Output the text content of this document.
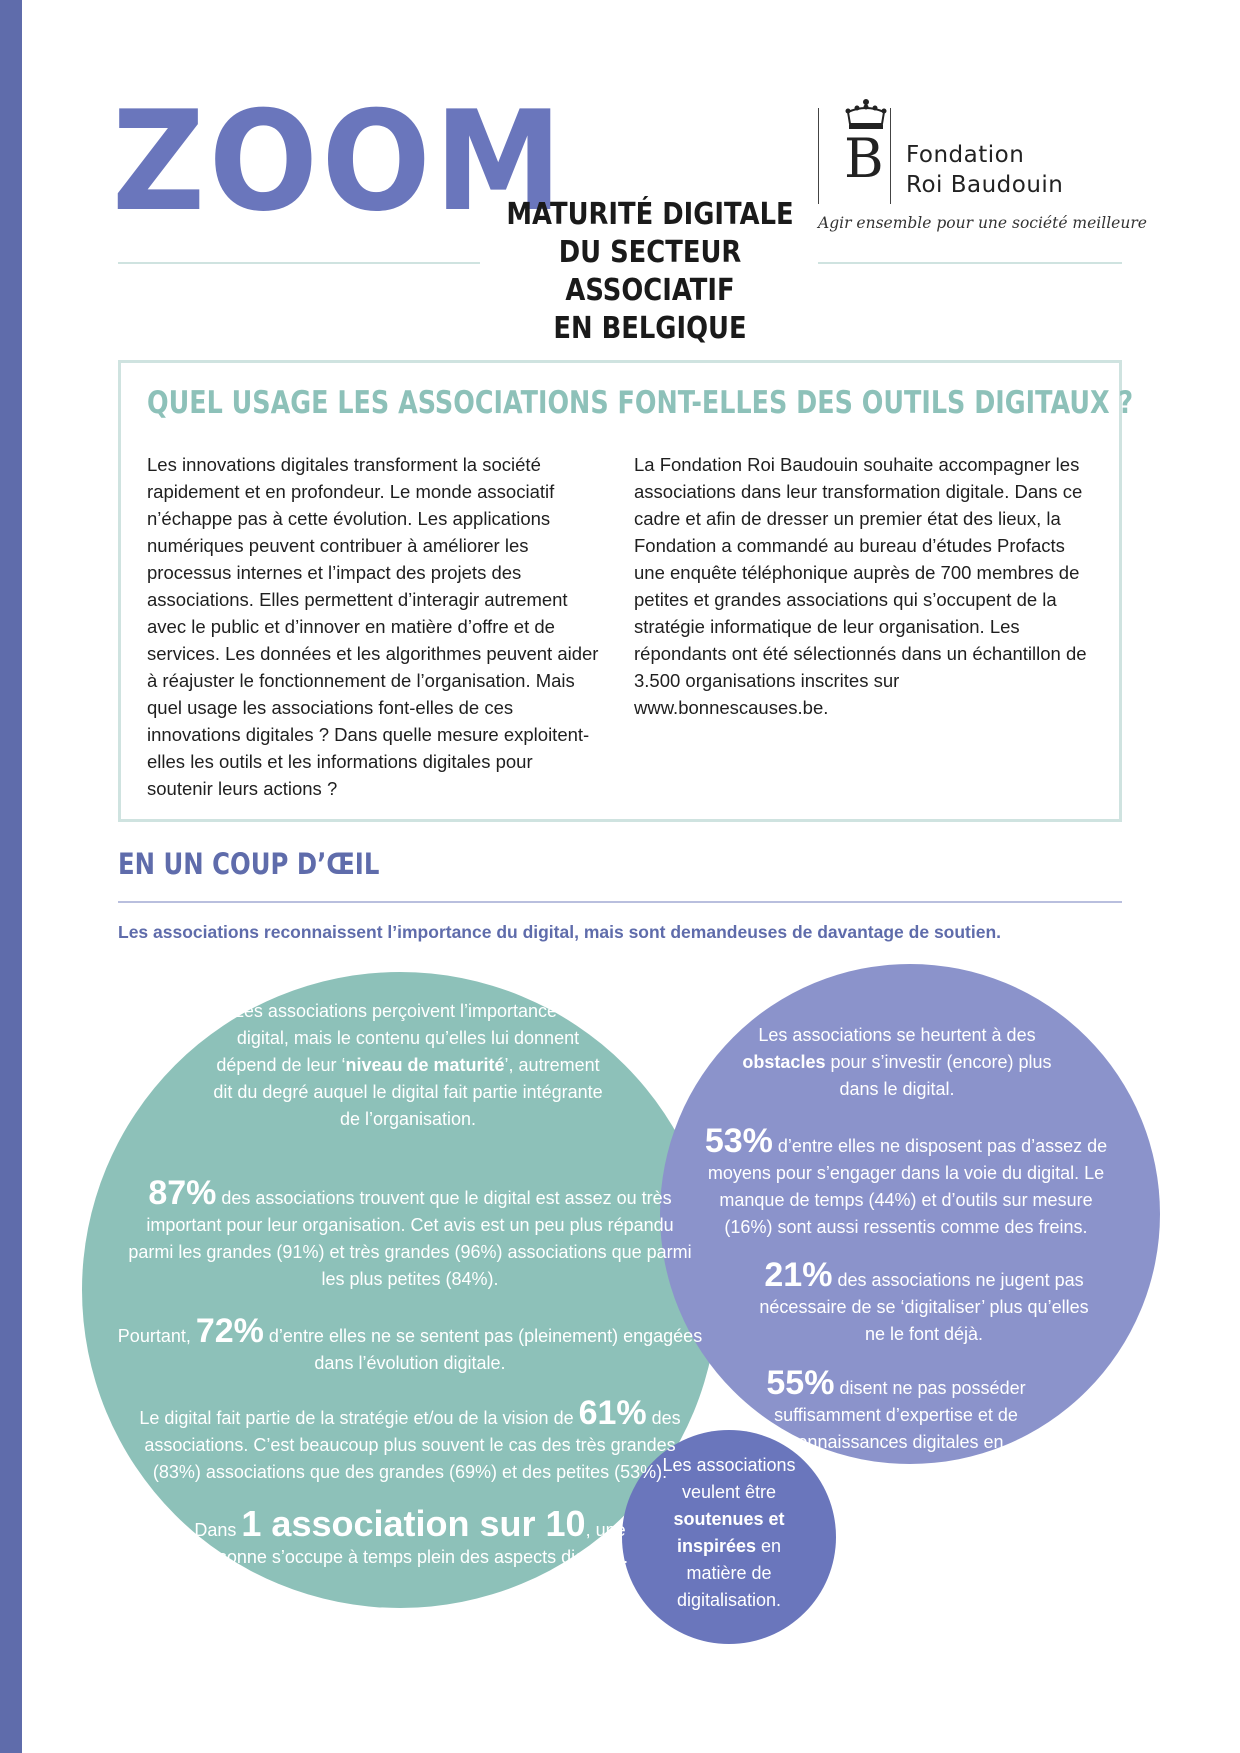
ZOOM
MATURITÉ DIGITALE
DU SECTEUR ASSOCIATIF
EN BELGIQUE
B Fondation
Roi Baudouin
Agir ensemble pour une société meilleure
QUEL USAGE LES ASSOCIATIONS FONT-ELLES DES OUTILS DIGITAUX ?

Les innovations digitales transforment la société rapidement et en profondeur. Le monde associatif n’échappe pas à cette évolution. Les applications numériques peuvent contribuer à améliorer les processus internes et l’impact des projets des associations. Elles permettent d’interagir autrement avec le public et d’innover en matière d’offre et de services. Les données et les algorithmes peuvent aider à réajuster le fonctionnement de l’organisation. Mais quel usage les associations font-elles de ces innovations digitales ? Dans quelle mesure exploitent-elles les outils et les informations digitales pour soutenir leurs actions ?

La Fondation Roi Baudouin souhaite accompagner les associations dans leur transformation digitale. Dans ce cadre et afin de dresser un premier état des lieux, la Fondation a commandé au bureau d’études Profacts une enquête téléphonique auprès de 700 membres de petites et grandes associations qui s’occupent de la stratégie informatique de leur organisation. Les répondants ont été sélectionnés dans un échantillon de 3.500 organisations inscrites sur www.bonnescauses.be.

EN UN COUP D’ŒIL
Les associations reconnaissent l’importance du digital, mais sont demandeuses de davantage de soutien.

Les associations perçoivent l’importance du digital, mais le contenu qu’elles lui donnent dépend de leur ‘niveau de maturité’, autrement dit du degré auquel le digital fait partie intégrante de l’organisation.

87% des associations trouvent que le digital est assez ou très important pour leur organisation. Cet avis est un peu plus répandu parmi les grandes (91%) et très grandes (96%) associations que parmi les plus petites (84%).

Pourtant, 72% d’entre elles ne se sentent pas (pleinement) engagées dans l’évolution digitale.

Le digital fait partie de la stratégie et/ou de la vision de 61% des associations. C’est beaucoup plus souvent le cas des très grandes (83%) associations que des grandes (69%) et des petites (53%).

Dans 1 association sur 10, une personne s’occupe à temps plein des aspects digitaux.

Les associations se heurtent à des obstacles pour s’investir (encore) plus dans le digital.

53% d’entre elles ne disposent pas d’assez de moyens pour s’engager dans la voie du digital. Le manque de temps (44%) et d’outils sur mesure (16%) sont aussi ressentis comme des freins.

21% des associations ne jugent pas nécessaire de se ‘digitaliser’ plus qu’elles ne le font déjà.

55% disent ne pas posséder suffisamment d’expertise et de connaissances digitales en interne.

Les associations veulent être soutenues et inspirées en matière de digitalisation.
